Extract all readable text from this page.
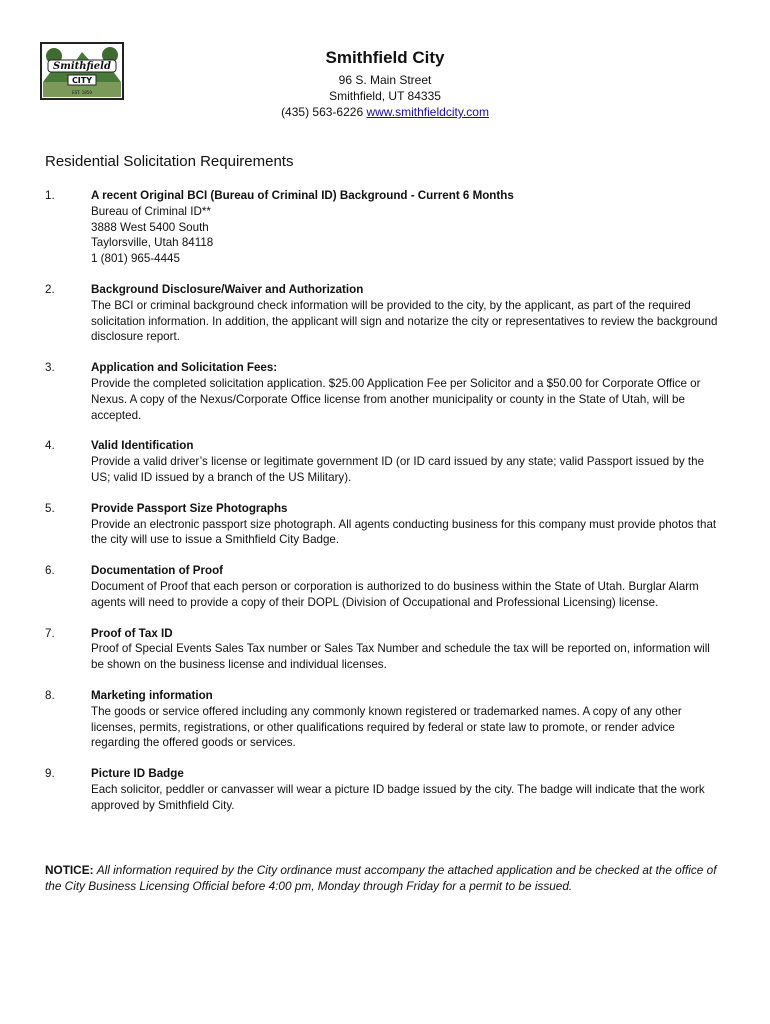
Smithfield
CITY
EST. 1859
Smithfield City
96 S. Main Street
Smithfield, UT 84335
(435) 563-6226 www.smithfieldcity.com
Residential Solicitation Requirements
1.	A recent Original BCI (Bureau of Criminal ID) Background - Current 6 Months
Bureau of Criminal ID**
3888 West 5400 South
Taylorsville, Utah 84118
1 (801) 965-4445
2.	Background Disclosure/Waiver and Authorization
The BCI or criminal background check information will be provided to the city, by the applicant, as part of the required solicitation information. In addition, the applicant will sign and notarize the city or representatives to review the background disclosure report.
3.	Application and Solicitation Fees:
Provide the completed solicitation application. $25.00 Application Fee per Solicitor and a $50.00 for Corporate Office or Nexus. A copy of the Nexus/Corporate Office license from another municipality or county in the State of Utah, will be accepted.
4.	Valid Identification
Provide a valid driver’s license or legitimate government ID (or ID card issued by any state; valid Passport issued by the US; valid ID issued by a branch of the US Military).
5.	Provide Passport Size Photographs
Provide an electronic passport size photograph. All agents conducting business for this company must provide photos that the city will use to issue a Smithfield City Badge.
6.	Documentation of Proof
Document of Proof that each person or corporation is authorized to do business within the State of Utah. Burglar Alarm agents will need to provide a copy of their DOPL (Division of Occupational and Professional Licensing) license.
7.	Proof of Tax ID
Proof of Special Events Sales Tax number or Sales Tax Number and schedule the tax will be reported on, information will be shown on the business license and individual licenses.
8.	Marketing information
The goods or service offered including any commonly known registered or trademarked names. A copy of any other licenses, permits, registrations, or other qualifications required by federal or state law to promote, or render advice regarding the offered goods or services.
9.	Picture ID Badge
Each solicitor, peddler or canvasser will wear a picture ID badge issued by the city. The badge will indicate that the work approved by Smithfield City.
NOTICE: All information required by the City ordinance must accompany the attached application and be checked at the office of the City Business Licensing Official before 4:00 pm, Monday through Friday for a permit to be issued.
